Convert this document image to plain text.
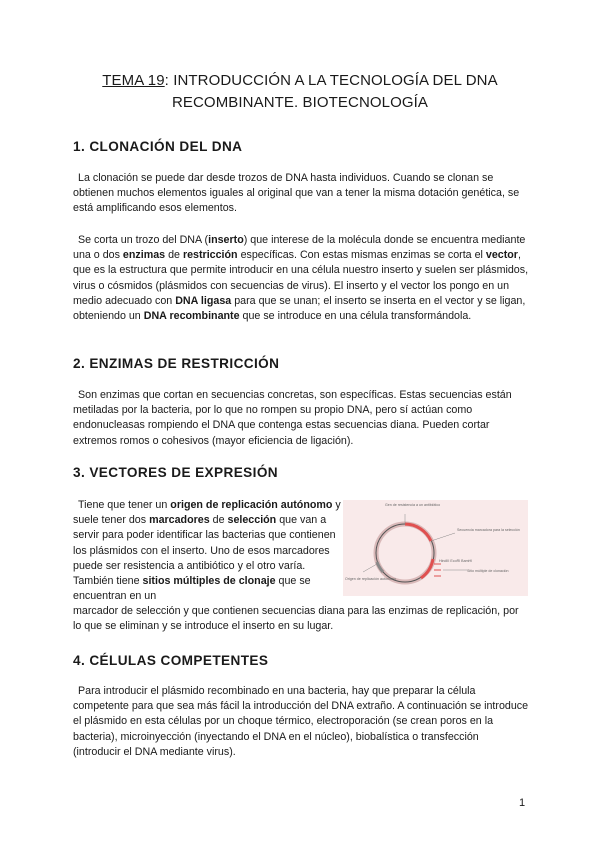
TEMA 19: INTRODUCCIÓN A LA TECNOLOGÍA DEL DNA
RECOMBINANTE. BIOTECNOLOGÍA
1. CLONACIÓN DEL DNA

La clonación se puede dar desde trozos de DNA hasta individuos. Cuando se clonan se obtienen muchos elementos iguales al original que van a tener la misma dotación genética, se está amplificando esos elementos.

Se corta un trozo del DNA (inserto) que interese de la molécula donde se encuentra mediante una o dos enzimas de restricción específicas. Con estas mismas enzimas se corta el vector, que es la estructura que permite introducir en una célula nuestro inserto y suelen ser plásmidos, virus o cósmidos (plásmidos con secuencias de virus). El inserto y el vector los pongo en un medio adecuado con DNA ligasa para que se unan; el inserto se inserta en el vector y se ligan, obteniendo un DNA recombinante que se introduce en una célula transformándola.

2. ENZIMAS DE RESTRICCIÓN

Son enzimas que cortan en secuencias concretas, son específicas. Estas secuencias están metiladas por la bacteria, por lo que no rompen su propio DNA, pero sí actúan como endonucleasas rompiendo el DNA que contenga estas secuencias diana. Pueden cortar extremos romos o cohesivos (mayor eficiencia de ligación).

3. VECTORES DE EXPRESIÓN

Tiene que tener un origen de replicación autónomo y suele tener dos marcadores de selección que van a servir para poder identificar las bacterias que contienen los plásmidos con el inserto. Uno de esos marcadores puede ser resistencia a antibiótico y el otro varía. También tiene sitios múltiples de clonaje que se encuentran en un

marcador de selección y que contienen secuencias diana para las enzimas de replicación, por lo que se eliminan y se introduce el inserto en su lugar.

Gen de resistencia a un antibiótico
Secuencia marcadora para la selección
HindIII EcoRI BamHI
Sitio múltiple de clonación
Origen de replicación autónomo
4. CÉLULAS COMPETENTES

Para introducir el plásmido recombinado en una bacteria, hay que preparar la célula competente para que sea más fácil la introducción del DNA extraño. A continuación se introduce el plásmido en esta células por un choque térmico, electroporación (se crean poros en la bacteria), microinyección (inyectando el DNA en el núcleo), biobalística o transfección (introducir el DNA mediante virus).

1
